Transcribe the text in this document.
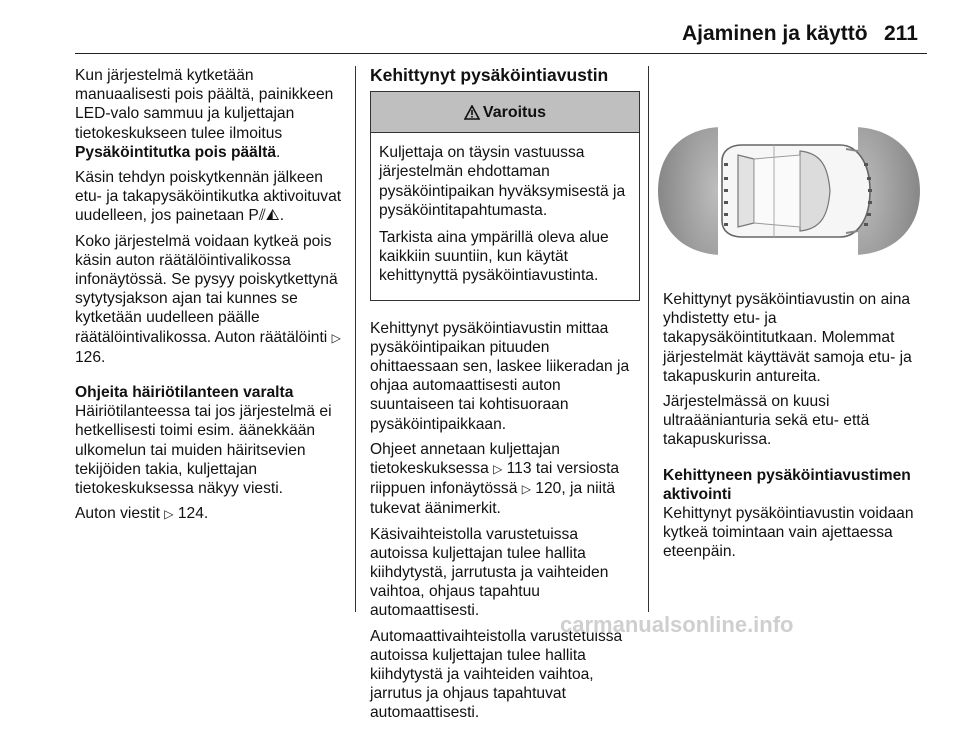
Ajaminen ja käyttö 211

Kun järjestelmä kytketään manuaalisesti pois päältä, painikkeen LED-valo sammuu ja kuljettajan tietokeskukseen tulee ilmoitus
Pysäköintitutka pois päältä.

Käsin tehdyn poiskytkennän jälkeen etu- ja takapysäköintikutka aktivoituvat uudelleen, jos painetaan P⫽◭.

Koko järjestelmä voidaan kytkeä pois käsin auton räätälöintivalikossa infonäytössä. Se pysyy poiskytkettynä sytytysjakson ajan tai kunnes se kytketään uudelleen päälle räätälöintivalikossa. Auton räätälöinti ▷ 126.

Ohjeita häiriötilanteen varalta

Häiriötilanteessa tai jos järjestelmä ei hetkellisesti toimi esim. äänekkään ulkomelun tai muiden häiritsevien tekijöiden takia, kuljettajan tietokeskuksessa näkyy viesti.

Auton viestit ▷ 124.

Kehittynyt pysäköintiavustin

Varoitus

Kuljettaja on täysin vastuussa järjestelmän ehdottaman pysäköintipaikan hyväksymisestä ja pysäköintitapahtumasta.

Tarkista aina ympärillä oleva alue kaikkiin suuntiin, kun käytät kehittynyttä pysäköintiavustinta.

Kehittynyt pysäköintiavustin mittaa pysäköintipaikan pituuden ohittaessaan sen, laskee liikeradan ja ohjaa automaattisesti auton suuntaiseen tai kohtisuoraan pysäköintipaikkaan.

Ohjeet annetaan kuljettajan tietokeskuksessa ▷ 113 tai versiosta riippuen infonäytössä ▷ 120, ja niitä tukevat äänimerkit.

Käsivaihteistolla varustetuissa autoissa kuljettajan tulee hallita kiihdytystä, jarrutusta ja vaihteiden vaihtoa, ohjaus tapahtuu automaattisesti.

Automaattivaihteistolla varustetuissa autoissa kuljettajan tulee hallita kiihdytystä ja vaihteiden vaihtoa, jarrutus ja ohjaus tapahtuvat automaattisesti.

Kehittynyt pysäköintiavustin on aina yhdistetty etu- ja takapysäköintitutkaan. Molemmat järjestelmät käyttävät samoja etu- ja takapuskurin antureita.

Järjestelmässä on kuusi ultraäänianturia sekä etu- että takapuskurissa.

Kehittyneen pysäköintiavustimen aktivointi

Kehittynyt pysäköintiavustin voidaan kytkeä toimintaan vain ajettaessa eteenpäin.

carmanualsonline.info
